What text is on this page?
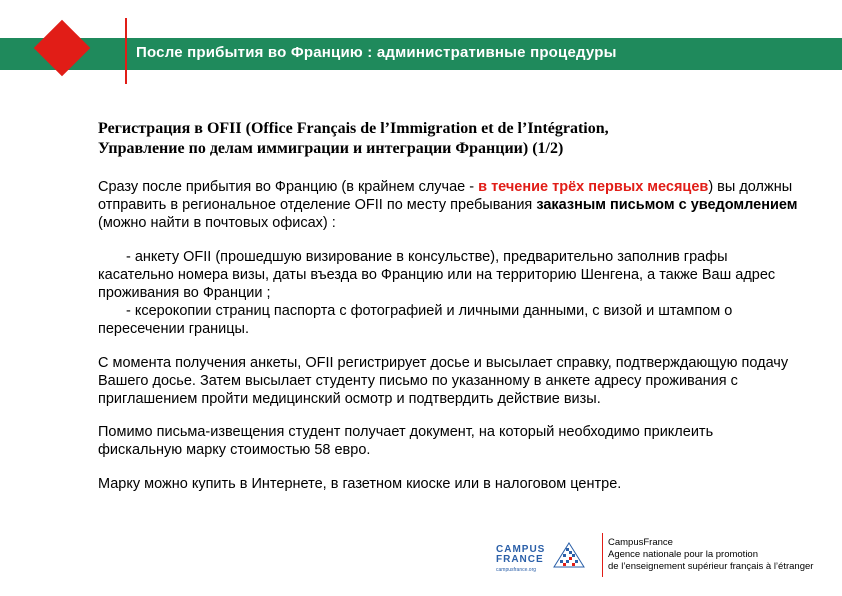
После прибытия во Францию : административные процедуры
Регистрация в OFII (Office Français de l’Immigration et de l’Intégration,
Управление по делам иммиграции и интеграции Франции) (1/2)

Сразу после прибытия во Францию (в крайнем случае - в течение трёх первых месяцев) вы должны отправить в региональное отделение OFII по месту пребывания заказным письмом с уведомлением (можно найти в почтовых офисах) :

- анкету OFII (прошедшую визирование в консульстве), предварительно заполнив графы касательно номера визы, даты въезда во Францию или на территорию Шенгена, а также Ваш адрес проживания во Франции ;
- ксерокопии страниц паспорта с фотографией и личными данными, с визой и штампом о пересечении границы.

С момента получения анкеты, OFII регистрирует досье и высылает справку, подтверждающую подачу Вашего досье. Затем высылает студенту письмо по указанному в анкете адресу проживания с приглашением пройти медицинский осмотр и подтвердить действие визы.

Помимо письма-извещения студент получает документ, на который необходимо приклеить фискальную марку стоимостью 58 евро.

Марку можно купить в Интернете, в газетном киоске или в налоговом центре.

CAMPUS
FRANCE
campusfrance.org
CampusFrance
Agence nationale pour la promotion
de l’enseignement supérieur français à l’étranger
